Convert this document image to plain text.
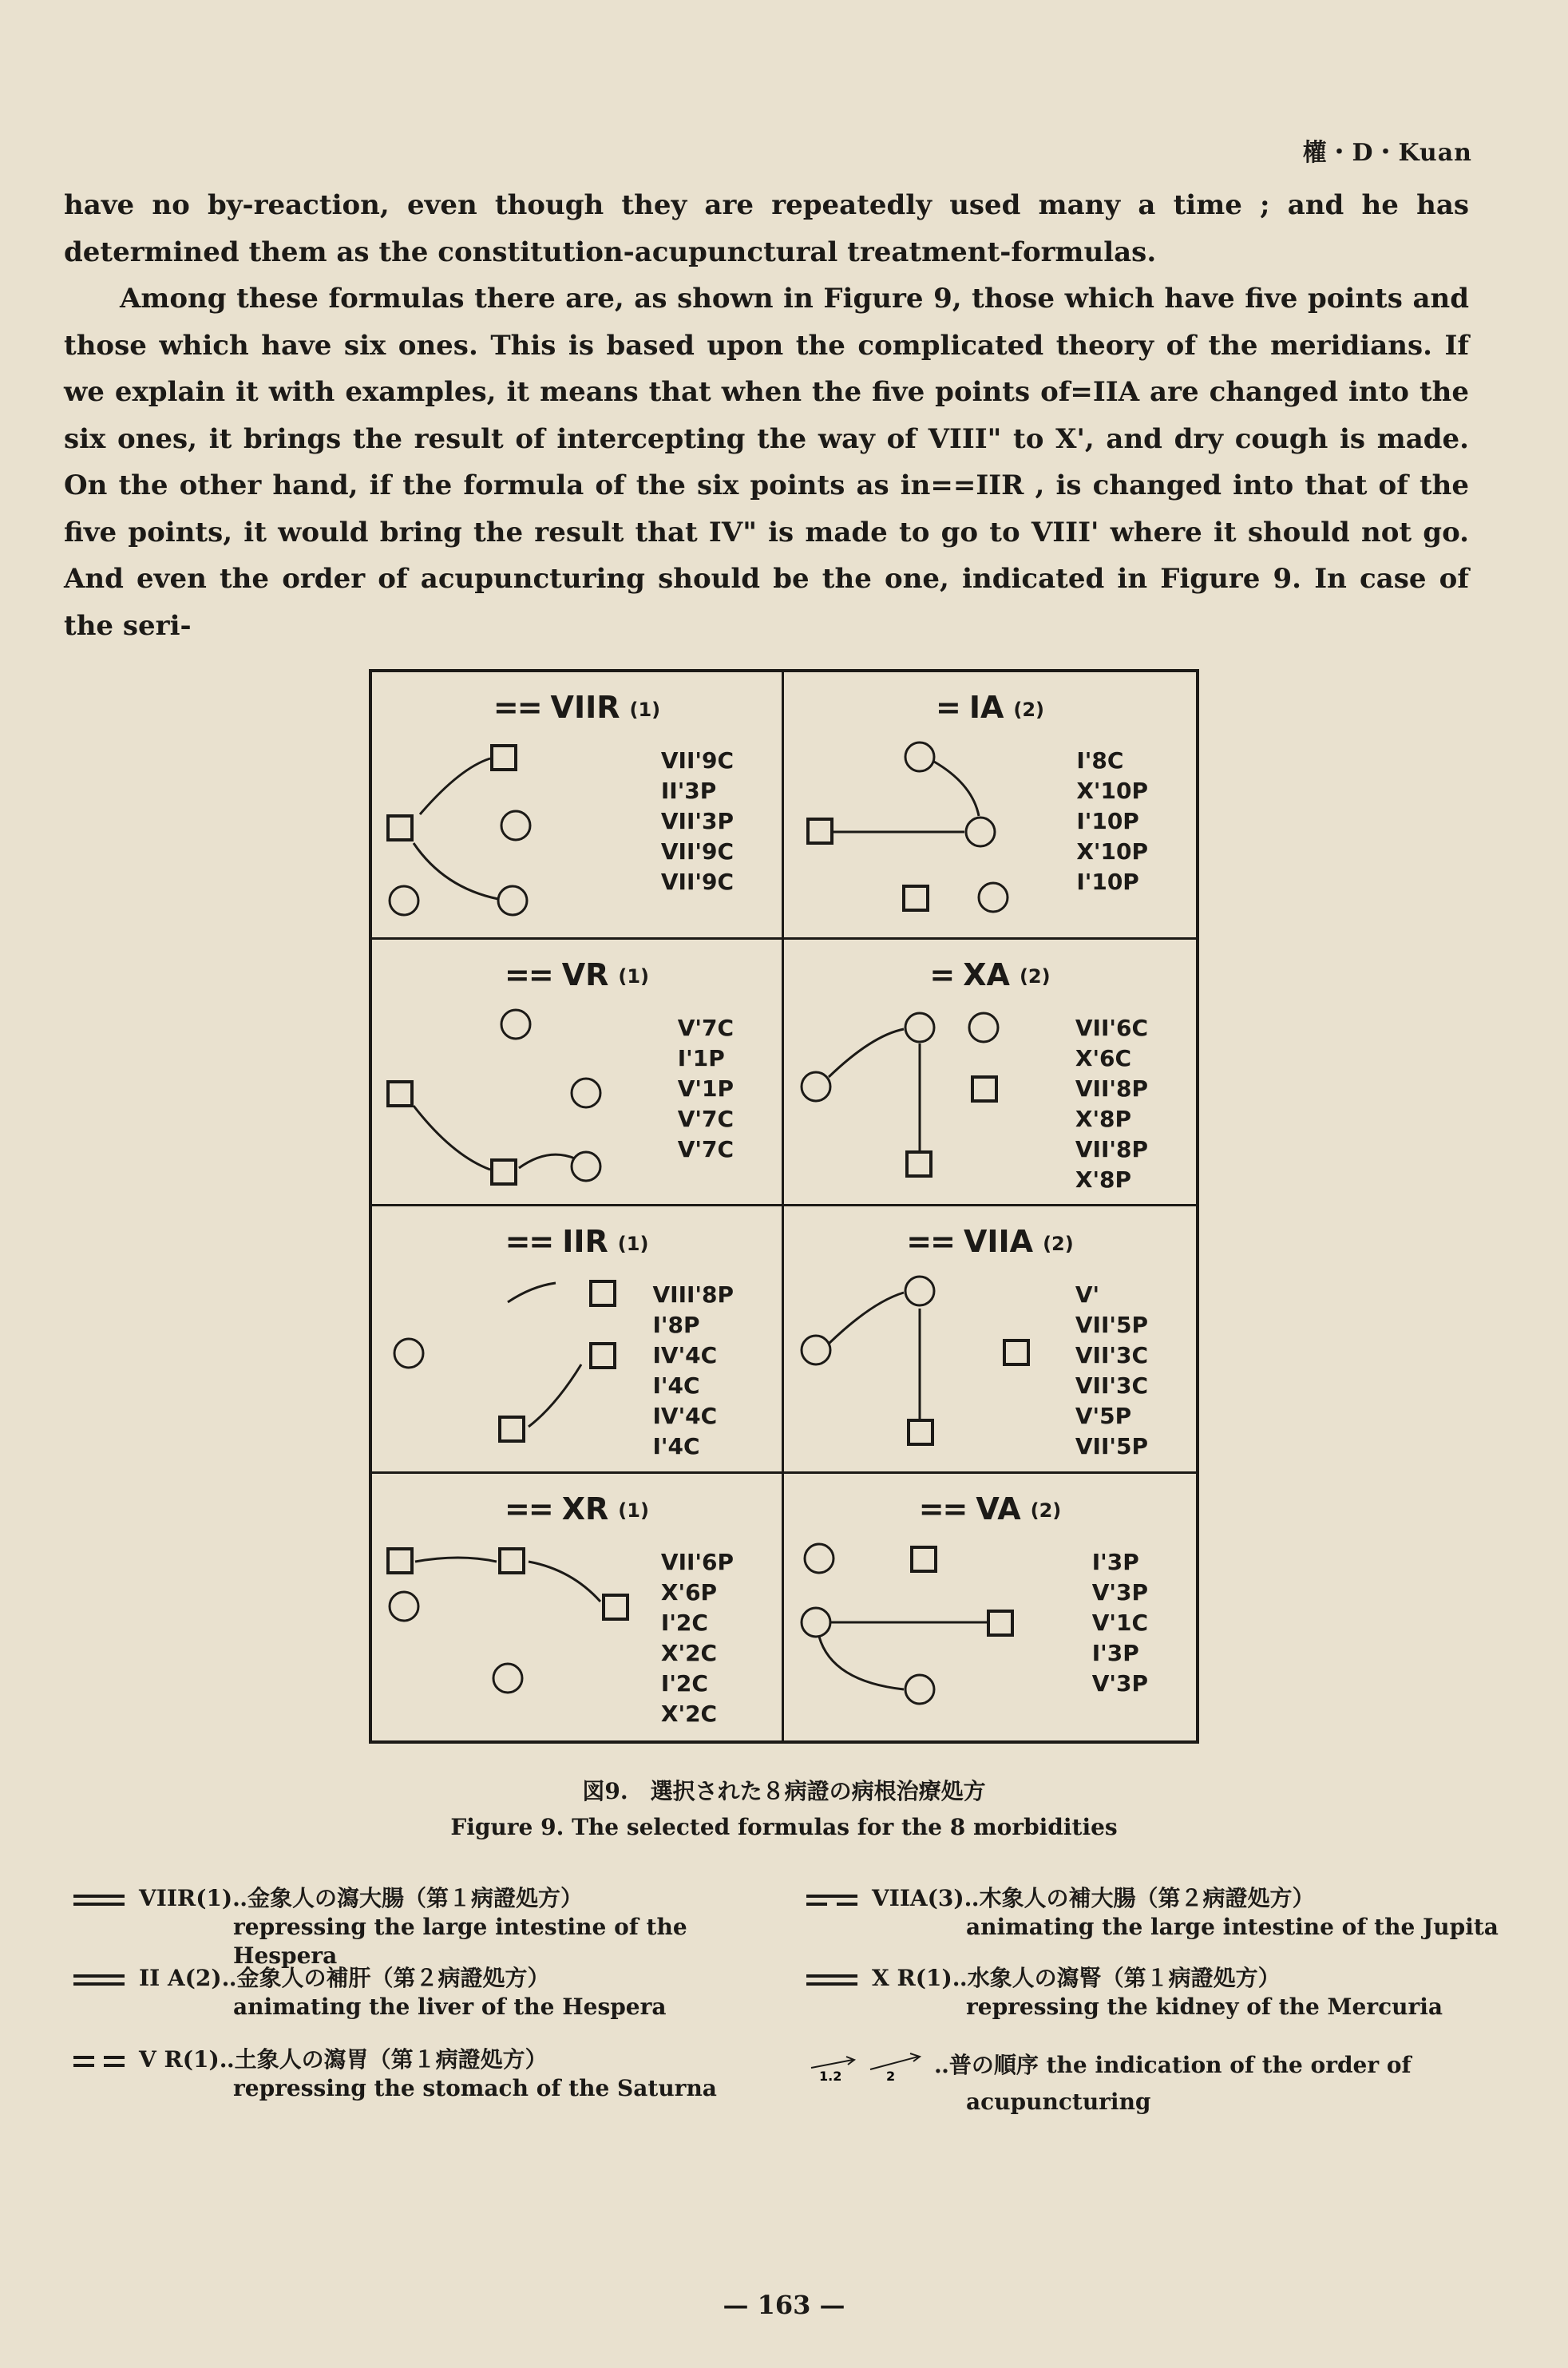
權・D・Kuan

have no by-reaction, even though they are repeatedly used many a time ; and he has determined them as the constitution-acupunctural treatment-formulas.

Among these formulas there are, as shown in Figure 9, those which have five points and those which have six ones. This is based upon the complicated theory of the meridians. If we explain it with examples, it means that when the five points of=IIA are changed into the six ones, it brings the result of intercepting the way of VIII" to X', and dry cough is made. On the other hand, if the formula of the six points as in==IIR , is changed into that of the five points, it would bring the result that IV" is made to go to VIII' where it should not go. And even the order of acupuncturing should be the one, indicated in Figure 9. In case of the seri-

== VIIR (1)
VII'9C
II'3P
VII'3P
VII'9C
VII'9C
= IA (2)
I'8C
X'10P
I'10P
X'10P
I'10P
== VR (1)
V'7C
I'1P
V'1P
V'7C
V'7C
= XA (2)
VII'6C
X'6C
VII'8P
X'8P
VII'8P
X'8P
== IIR (1)
VIII'8P
I'8P
IV'4C
I'4C
IV'4C
I'4C
== VIIA (2)
V'
VII'5P
VII'3C
VII'3C
V'5P
VII'5P
== XR (1)
VII'6P
X'6P
I'2C
X'2C
I'2C
X'2C
== VA (2)
I'3P
V'3P
V'1C
I'3P
V'3P
図9.　選択された８病證の病根治療処方
Figure 9. The selected formulas for the 8 morbidities
VIIR(1)‥金象人の瀉大腸（第１病證処方）
repressing the large intestine of the Hespera
VIIA(3)‥木象人の補大腸（第２病證処方）
animating the large intestine of the Jupita
II A(2)‥金象人の補肝（第２病證処方）
animating the liver of the Hespera
X R(1)‥水象人の瀉腎（第１病證処方）
repressing the kidney of the Mercuria
V R(1)‥土象人の瀉胃（第１病證処方）
repressing the stomach of the Saturna	1.2	2 ‥普の順序 the indication of the order of
acupuncturing
— 163 —
